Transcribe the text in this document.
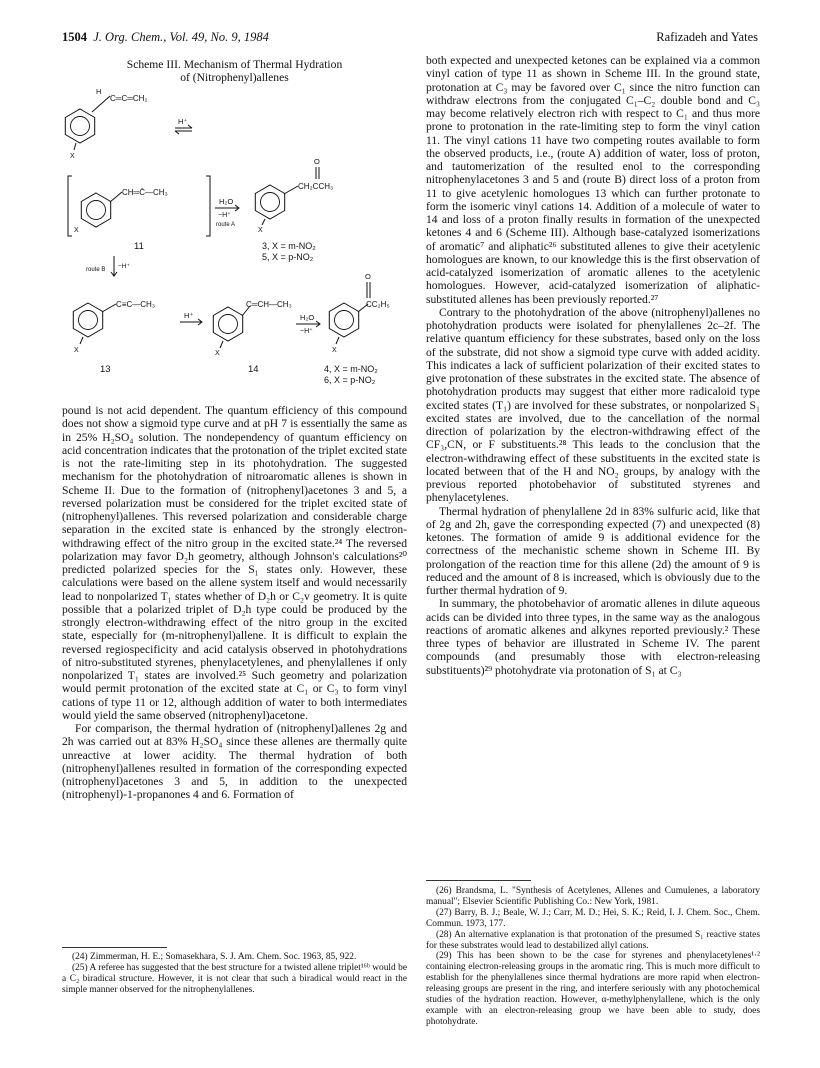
1504 J. Org. Chem., Vol. 49, No. 9, 1984	Rafizadeh and Yates
Scheme III. Mechanism of Thermal Hydration
of (Nitrophenyl)allenes
H
C═C═CH₂
X
H⁺
CH═C̄—CH₃
X
H₂O
−H⁺
route A
O
CH₂CCH₃
X
11	3, X = m-NO₂
5, X = p-NO₂
route B −H⁺
C≡C—CH₃
X
H⁺
C═CH—CH₃
X
H₂O
−H⁺
O
CC₂H₅
X
13	14	4, X = m-NO₂
6, X = p-NO₂

pound is not acid dependent. The quantum efficiency of this compound does not show a sigmoid type curve and at pH 7 is essentially the same as in 25% H₂SO₄ solution. The nondependency of quantum efficiency on acid concentration indicates that the protonation of the triplet excited state is not the rate-limiting step in its photohydration. The suggested mechanism for the photohydration of nitroaromatic allenes is shown in Scheme II. Due to the formation of (nitrophenyl)acetones 3 and 5, a reversed polarization must be considered for the triplet excited state of (nitrophenyl)allenes. This reversed polarization and considerable charge separation in the excited state is enhanced by the strongly electron-withdrawing effect of the nitro group in the excited state.²⁴ The reversed polarization may favor D₂h geometry, although Johnson's calculations²⁰ predicted polarized species for the S₁ states only. However, these calculations were based on the allene system itself and would necessarily lead to nonpolarized T₁ states whether of D₂h or C₂v geometry. It is quite possible that a polarized triplet of D₂h type could be produced by the strongly electron-withdrawing effect of the nitro group in the excited state, especially for (m-nitrophenyl)allene. It is difficult to explain the reversed regiospecificity and acid catalysis observed in photohydrations of nitro-substituted styrenes, phenylacetylenes, and phenylallenes if only nonpolarized T₁ states are involved.²⁵ Such geometry and polarization would permit protonation of the excited state at C₁ or C₃ to form vinyl cations of type 11 or 12, although addition of water to both intermediates would yield the same observed (nitrophenyl)acetone.

For comparison, the thermal hydration of (nitrophenyl)allenes 2g and 2h was carried out at 83% H₂SO₄ since these allenes are thermally quite unreactive at lower acidity. The thermal hydration of both (nitrophenyl)allenes resulted in formation of the corresponding expected (nitrophenyl)acetones 3 and 5, in addition to the unexpected (nitrophenyl)-1-propanones 4 and 6. Formation of

(24) Zimmerman, H. E.; Somasekhara, S. J. Am. Chem. Soc. 1963, 85, 922.

(25) A referee has suggested that the best structure for a twisted allene triplet¹⁶ᵇ would be a C₂ biradical structure. However, it is not clear that such a biradical would react in the simple manner observed for the nitrophenylallenes.

both expected and unexpected ketones can be explained via a common vinyl cation of type 11 as shown in Scheme III. In the ground state, protonation at C₃ may be favored over C₁ since the nitro function can withdraw electrons from the conjugated C₁–C₂ double bond and C₃ may become relatively electron rich with respect to C₁ and thus more prone to protonation in the rate-limiting step to form the vinyl cation 11. The vinyl cations 11 have two competing routes available to form the observed products, i.e., (route A) addition of water, loss of proton, and tautomerization of the resulted enol to the corresponding nitrophenylacetones 3 and 5 and (route B) direct loss of a proton from 11 to give acetylenic homologues 13 which can further protonate to form the isomeric vinyl cations 14. Addition of a molecule of water to 14 and loss of a proton finally results in formation of the unexpected ketones 4 and 6 (Scheme III). Although base-catalyzed isomerizations of aromatic⁷ and aliphatic²⁶ substituted allenes to give their acetylenic homologues are known, to our knowledge this is the first observation of acid-catalyzed isomerization of aromatic allenes to the acetylenic homologues. However, acid-catalyzed isomerization of aliphatic-substituted allenes has been previously reported.²⁷

Contrary to the photohydration of the above (nitrophenyl)allenes no photohydration products were isolated for phenylallenes 2c–2f. The relative quantum efficiency for these substrates, based only on the loss of the substrate, did not show a sigmoid type curve with added acidity. This indicates a lack of sufficient polarization of their excited states to give protonation of these substrates in the excited state. The absence of photohydration products may suggest that either more radicaloid type excited states (T₁) are involved for these substrates, or nonpolarized S₁ excited states are involved, due to the cancellation of the normal direction of polarization by the electron-withdrawing effect of the CF₃,CN, or F substituents.²⁸ This leads to the conclusion that the electron-withdrawing effect of these substituents in the excited state is located between that of the H and NO₂ groups, by analogy with the previous reported photobehavior of substituted styrenes and phenylacetylenes.

Thermal hydration of phenylallene 2d in 83% sulfuric acid, like that of 2g and 2h, gave the corresponding expected (7) and unexpected (8) ketones. The formation of amide 9 is additional evidence for the correctness of the mechanistic scheme shown in Scheme III. By prolongation of the reaction time for this allene (2d) the amount of 9 is reduced and the amount of 8 is increased, which is obviously due to the further thermal hydration of 9.

In summary, the photobehavior of aromatic allenes in dilute aqueous acids can be divided into three types, in the same way as the analogous reactions of aromatic alkenes and alkynes reported previously.² These three types of behavior are illustrated in Scheme IV. The parent compounds (and presumably those with electron-releasing substituents)²⁹ photohydrate via protonation of S₁ at C₃

(26) Brandsma, L. "Synthesis of Acetylenes, Allenes and Cumulenes, a laboratory manual"; Elsevier Scientific Publishing Co.: New York, 1981.

(27) Barry, B. J.; Beale, W. J.; Carr, M. D.; Hei, S. K.; Reid, I. J. Chem. Soc., Chem. Commun. 1973, 177.

(28) An alternative explanation is that protonation of the presumed S₁ reactive states for these substrates would lead to destabilized allyl cations.

(29) This has been shown to be the case for styrenes and phenylacetylenes¹·² containing electron-releasing groups in the aromatic ring. This is much more difficult to establish for the phenylallenes since thermal hydrations are more rapid when electron-releasing groups are present in the ring, and interfere seriously with any photochemical studies of the hydration reaction. However, α-methylphenylallene, which is the only example with an electron-releasing group we have been able to study, does photohydrate.
